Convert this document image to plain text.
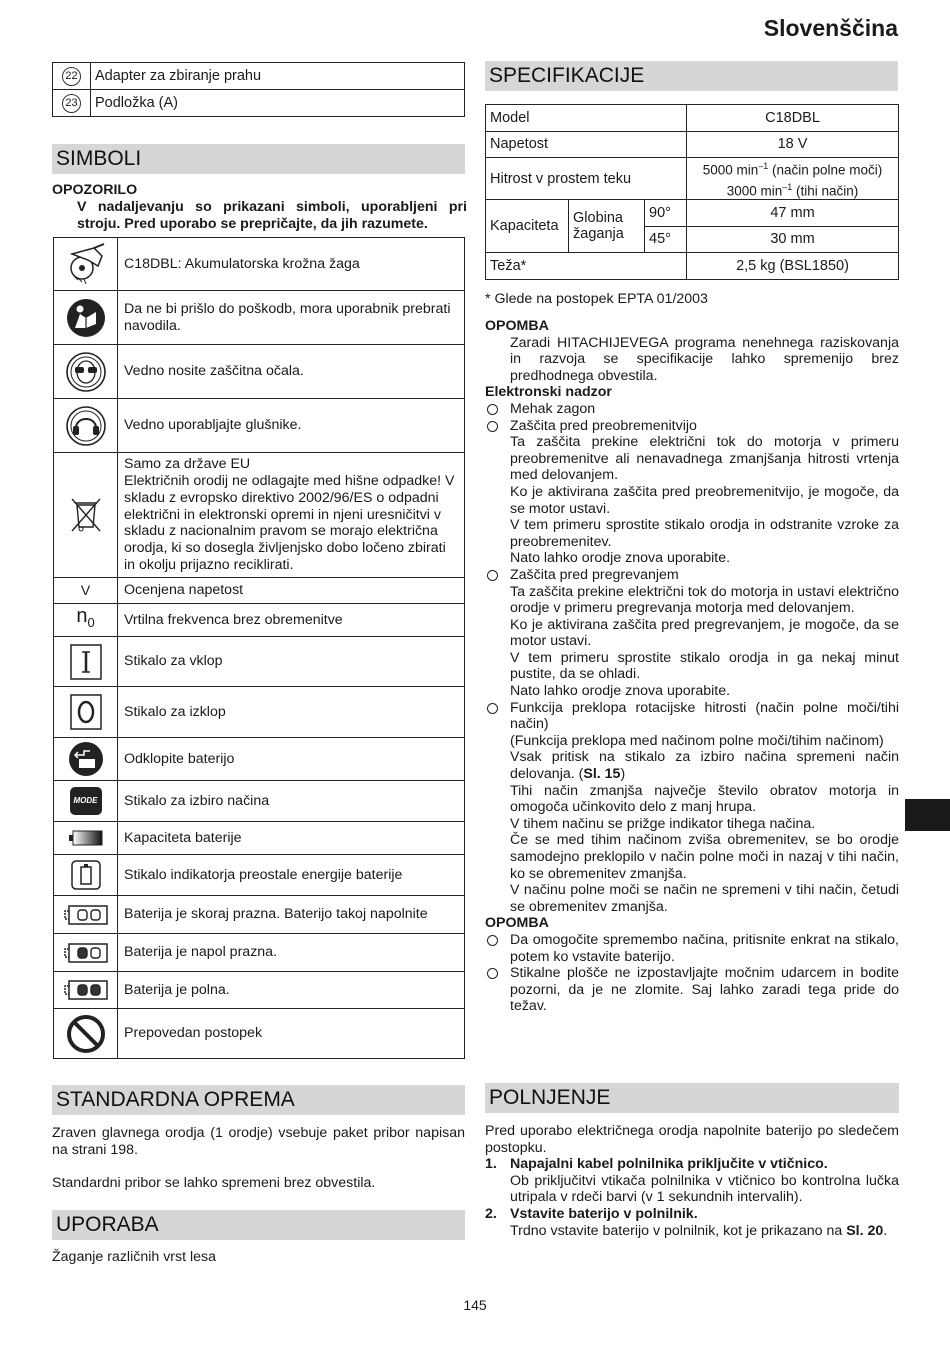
Slovenščina
22	Adapter za zbiranje prahu
23	Podložka (A)
SIMBOLI
OPOZORILO
V nadaljevanju so prikazani simboli, uporabljeni pri stroju. Pred uporabo se prepričajte, da jih razumete.
	C18DBL: Akumulatorska krožna žaga

	Da ne bi prišlo do poškodb, mora uporabnik prebrati navodila.

	Vedno nosite zaščitna očala.

	Vedno uporabljajte glušnike.

Samo za države EU
Električnih orodij ne odlagajte med hišne odpadke! V skladu z evropsko direktivo 2002/96/ES o odpadni električni in elektronski opremi in njeni uresničitvi v skladu z nacionalnim pravom se morajo električna orodja, ki so dosegla življenjsko dobo ločeno zbirati in okolju prijazno reciklirati.

V	Ocenjena napetost
$n_0$	Vrtilna frekvenca brez obremenitve

	Stikalo za vklop

	Stikalo za izklop

	Odklopite baterijo

MODE	Stikalo za izbiro načina

	Kapaciteta baterije

	Stikalo indikatorja preostale energije baterije

	Baterija je skoraj prazna. Baterijo takoj napolnite

	Baterija je napol prazna.

	Baterija je polna.

	Prepovedan postopek
STANDARDNA OPREMA
Zraven glavnega orodja (1 orodje) vsebuje paket pribor napisan na strani 198.
Standardni pribor se lahko spremeni brez obvestila.
UPORABA
Žaganje različnih vrst lesa
SPECIFIKACIJE
Model			C18DBL
Napetost			18 V
Hitrost v prostem teku			5000 $\min^{-1}$ (način polne moči)
3000 $\min^{-1}$ (tihi način)

Kapaciteta	Globina žaganja	90°	47 mm
		45°	30 mm
Teža*			2,5 kg (BSL1850)
* Glede na postopek EPTA 01/2003
OPOMBA
Zaradi HITACHIJEVEGA programa nenehnega raziskovanja in razvoja se specifikacije lahko spremenijo brez predhodnega obvestila.
Elektronski nadzor
Mehak zagon
Zaščita pred preobremenitvijo
Ta zaščita prekine električni tok do motorja v primeru preobremenitve ali nenavadnega zmanjšanja hitrosti vrtenja med delovanjem.
Ko je aktivirana zaščita pred preobremenitvijo, je mogoče, da se motor ustavi.
V tem primeru sprostite stikalo orodja in odstranite vzroke za preobremenitev.
Nato lahko orodje znova uporabite.
Zaščita pred pregrevanjem
Ta zaščita prekine električni tok do motorja in ustavi električno orodje v primeru pregrevanja motorja med delovanjem.
Ko je aktivirana zaščita pred pregrevanjem, je mogoče, da se motor ustavi.
V tem primeru sprostite stikalo orodja in ga nekaj minut pustite, da se ohladi.
Nato lahko orodje znova uporabite.
Funkcija preklopa rotacijske hitrosti (način polne moči/tihi način)
(Funkcija preklopa med načinom polne moči/tihim načinom)
Vsak pritisk na stikalo za izbiro načina spremeni način delovanja. (Sl. 15)
Tihi način zmanjša največje število obratov motorja in omogoča učinkovito delo z manj hrupa.
V tihem načinu se prižge indikator tihega načina.
Če se med tihim načinom zviša obremenitev, se bo orodje samodejno preklopilo v način polne moči in nazaj v tihi način, ko se obremenitev zmanjša.
V načinu polne moči se način ne spremeni v tihi način, četudi se obremenitev zmanjša.
OPOMBA
Da omogočite spremembo načina, pritisnite enkrat na stikalo, potem ko vstavite baterijo.
Stikalne plošče ne izpostavljajte močnim udarcem in bodite pozorni, da je ne zlomite. Saj lahko zaradi tega pride do težav.
POLNJENJE
Pred uporabo električnega orodja napolnite baterijo po sledečem postopku.
1. Napajalni kabel polnilnika priključite v vtičnico.
Ob priključitvi vtikača polnilnika v vtičnico bo kontrolna lučka utripala v rdeči barvi (v 1 sekundnih intervalih).
2. Vstavite baterijo v polnilnik.
Trdno vstavite baterijo v polnilnik, kot je prikazano na Sl. 20.
145
